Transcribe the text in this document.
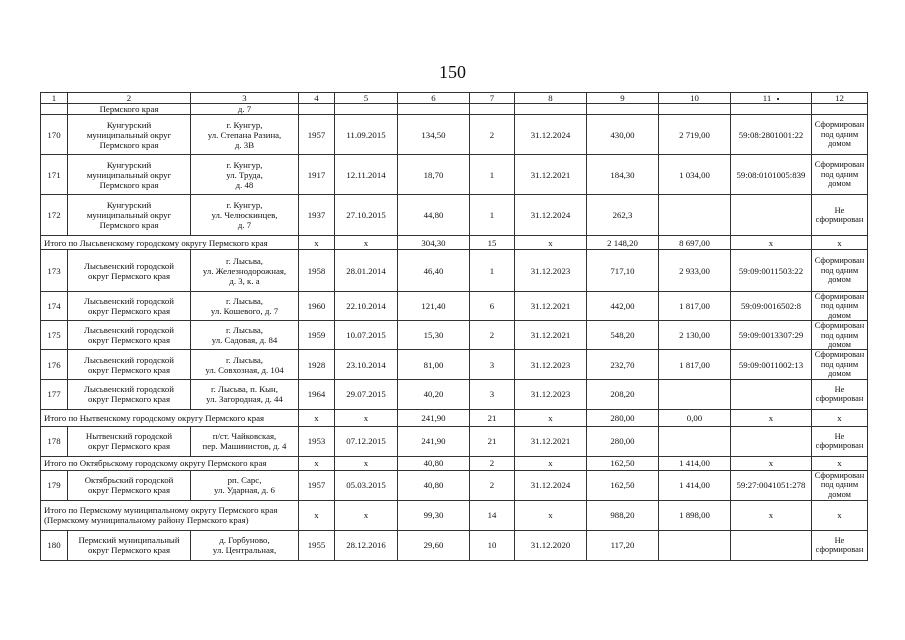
150
1	2	3	4	5	6	7	8	9	10	11	12
	Пермского края	д. 7									

170	Кунгурский
муниципальный округ
Пермского края	г. Кунгур,
ул. Степана Разина,
д. 3В	1957	11.09.2015	134,50	2	31.12.2024	430,00	2 719,00	59:08:2801001:22	Сформирован
под одним домом

171	Кунгурский
муниципальный округ
Пермского края	г. Кунгур,
ул. Труда,
д. 48	1917	12.11.2014	18,70	1	31.12.2021	184,30	1 034,00	59:08:0101005:839	Сформирован
под одним домом

172	Кунгурский
муниципальный округ
Пермского края	г. Кунгур,
ул. Челюскинцев,
д. 7	1937	27.10.2015	44,80	1	31.12.2024	262,3			Не сформирован

Итого по Лысьвенскому городскому округу Пермского края			х	х	304,30	15	х	2 148,20	8 697,00	х	х

173	Лысьвенский городской
округ Пермского края	г. Лысьва,
ул. Железнодорожная,
д. 3, к. а	1958	28.01.2014	46,40	1	31.12.2023	717,10	2 933,00	59:09:0011503:22	Сформирован
под одним домом

174	Лысьвенский городской
округ Пермского края	г. Лысьва,
ул. Кошевого, д. 7	1960	22.10.2014	121,40	6	31.12.2021	442,00	1 817,00	59:09:0016502:8	Сформирован
под одним домом

175	Лысьвенский городской
округ Пермского края	г. Лысьва,
ул. Садовая, д. 84	1959	10.07.2015	15,30	2	31.12.2021	548,20	2 130,00	59:09:0013307:29	Сформирован
под одним домом

176	Лысьвенский городской
округ Пермского края	г. Лысьва,
ул. Совхозная, д. 104	1928	23.10.2014	81,00	3	31.12.2023	232,70	1 817,00	59:09:0011002:13	Сформирован
под одним домом

177	Лысьвенский городской
округ Пермского края	г. Лысьва, п. Кын,
ул. Загородная, д. 44	1964	29.07.2015	40,20	3	31.12.2023	208,20			Не сформирован

Итого по Нытвенскому городскому округу Пермского края			х	х	241,90	21	х	280,00	0,00	х	х

178	Нытвенский городской
округ Пермского края	п/ст. Чайковская,
пер. Машинистов, д. 4	1953	07.12.2015	241,90	21	31.12.2021	280,00			Не сформирован

Итого по Октябрьскому городскому округу Пермского края			х	х	40,80	2	х	162,50	1 414,00	х	х

179	Октябрьский городской
округ Пермского края	рп. Сарс,
ул. Ударная, д. 6	1957	05.03.2015	40,80	2	31.12.2024	162,50	1 414,00	59:27:0041051:278	Сформирован
под одним домом

Итого по Пермскому муниципальному округу Пермского края (Пермскому муниципальному району Пермского края)			х	х	99,30	14	х	988,20	1 898,00	х	х

180	Пермский муниципальный
округ Пермского края	д. Горбуново,
ул. Центральная,	1955	28.12.2016	29,60	10	31.12.2020	117,20			Не сформирован
